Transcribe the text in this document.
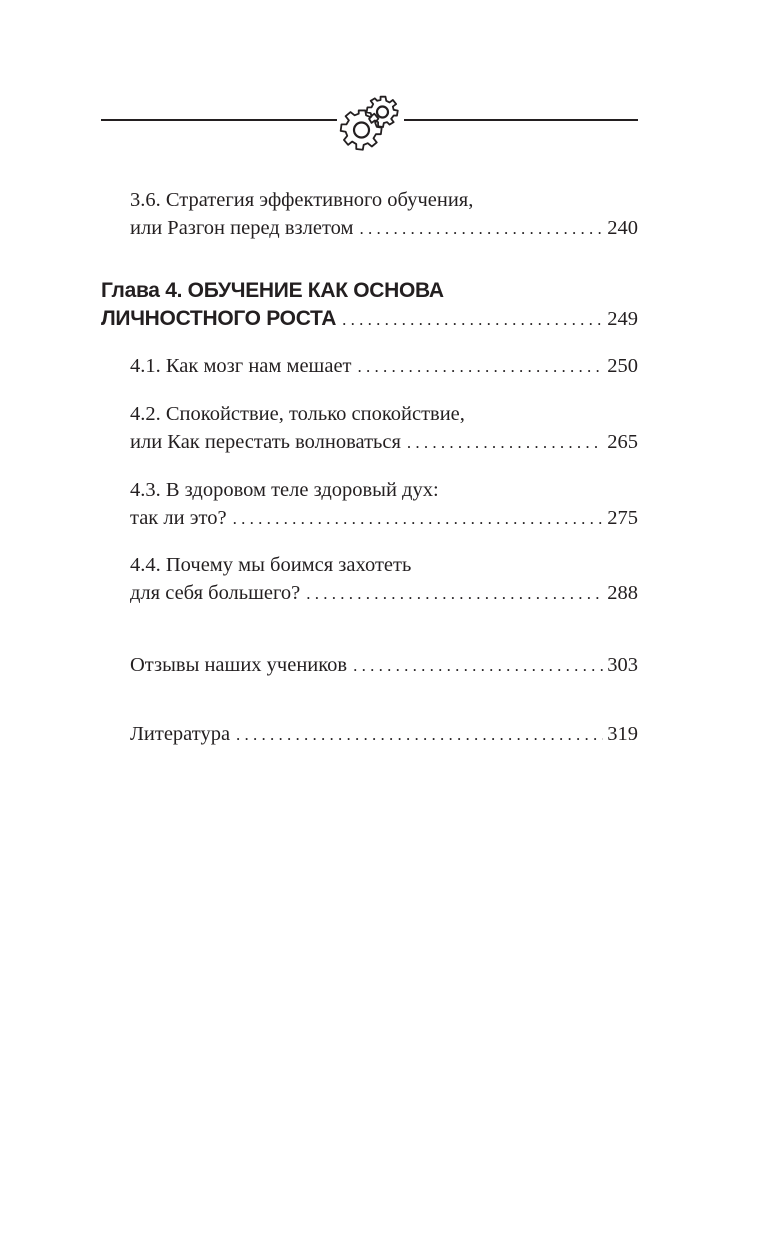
3.6. Стратегия эффективного обучения,
или Разгон перед взлетом . . .	240
Глава 4. ОБУЧЕНИЕ КАК ОСНОВА
ЛИЧНОСТНОГО РОСТА . . .	249
4.1. Как мозг нам мешает . . .	250
4.2. Спокойствие, только спокойствие,
или Как перестать волноваться . . .	265
4.3. В здоровом теле здоровый дух:
так ли это? . . .	275
4.4. Почему мы боимся захотеть
для себя большего? . . .	288
Отзывы наших учеников . . .	303
Литература . . .	319
